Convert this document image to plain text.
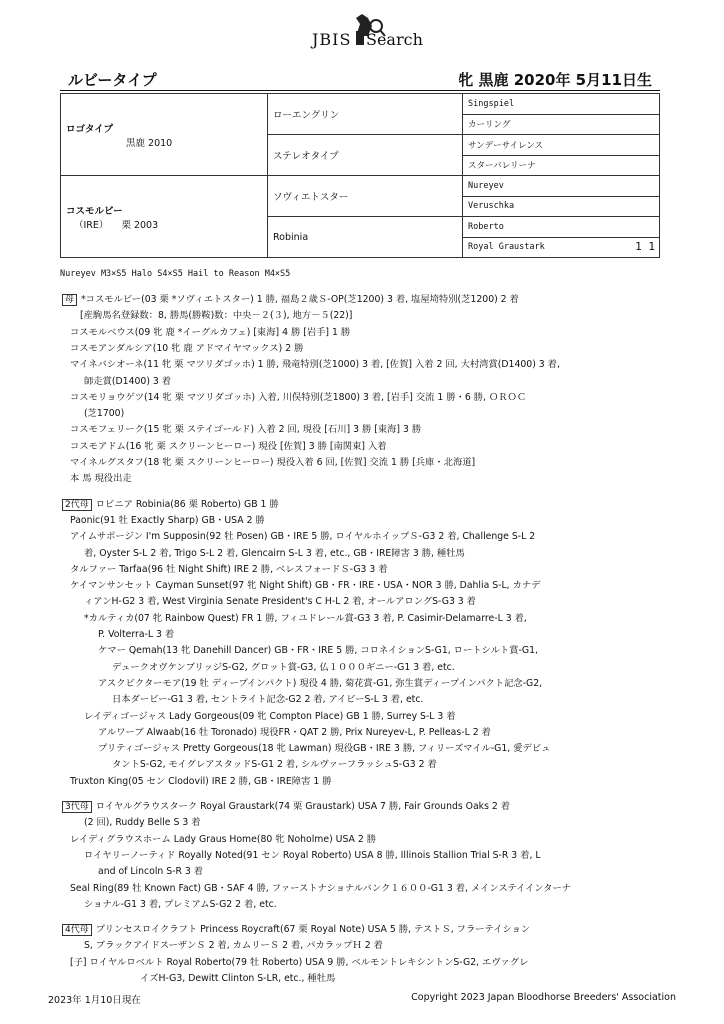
JBIS Search
ルビータイプ	牝 黒鹿 2020年 5月11日生
ロゴタイプ
黒鹿 2010	ローエングリン	Singspiel
		カーリング
	ステレオタイプ	サンデーサイレンス
		スターバレリーナ

コスモルビー
（IRE） 栗 2003	ソヴィエトスター	Nureyev
		Veruschka
	Robinia	Roberto
		Royal Graustark 1 1
Nureyev M3×S5 Halo S4×S5 Hail to Reason M4×S5
母 *コスモルビー(03 栗 *ソヴィエトスター) 1 勝, 福島２歳Ｓ-OP(芝1200) 3 着, 塩屋埼特別(芝1200) 2 着
[産駒馬名登録数：8, 勝馬(勝鞍)数：中央－２(３), 地方－５(22)]
コスモルベウス(09 牝 鹿 *イーグルカフェ) [東海] 4 勝 [岩手] 1 勝
コスモアンダルシア(10 牝 鹿 アドマイヤマックス) 2 勝
マイネバシオーネ(11 牝 栗 マツリダゴッホ) 1 勝, 飛竜特別(芝1000) 3 着, [佐賀] 入着 2 回, 大村湾賞(D1400) 3 着,
師走賞(D1400) 3 着
コスモリョウゲツ(14 牝 栗 マツリダゴッホ) 入着, 川俣特別(芝1800) 3 着, [岩手] 交流 1 勝・6 勝, ＯＲＯＣ
(芝1700)
コスモフェリーク(15 牝 栗 ステイゴールド) 入着 2 回, 現役 [石川] 3 勝 [東海] 3 勝
コスモアドム(16 牝 栗 スクリーンヒーロー) 現役 [佐賀] 3 勝 [南関東] 入着
マイネルグスタフ(18 牝 栗 スクリーンヒーロー) 現役入着 6 回, [佐賀] 交流 1 勝 [兵庫・北海道]
本 馬 現役出走
2代母 ロビニア Robinia(86 栗 Roberto) GB 1 勝
Paonic(91 牡 Exactly Sharp) GB・USA 2 勝
アイムサポージン I'm Supposin(92 牡 Posen) GB・IRE 5 勝, ロイヤルホイップＳ-G3 2 着, Challenge S-L 2
着, Oyster S-L 2 着, Trigo S-L 2 着, Glencairn S-L 3 着, etc., GB・IRE障害 3 勝, 種牡馬
タルファー Tarfaa(96 牡 Night Shift) IRE 2 勝, ベレスフォードＳ-G3 3 着
ケイマンサンセット Cayman Sunset(97 牝 Night Shift) GB・FR・IRE・USA・NOR 3 勝, Dahlia S-L, カナデ
ィアンH-G2 3 着, West Virginia Senate President's C H-L 2 着, オールアロングS-G3 3 着
*カルティカ(07 牝 Rainbow Quest) FR 1 勝, フィユドレール賞-G3 3 着, P. Casimir-Delamarre-L 3 着,
P. Volterra-L 3 着
ケマー Qemah(13 牝 Danehill Dancer) GB・FR・IRE 5 勝, コロネイションS-G1, ロートシルト賞-G1,
デュークオヴケンブリッジS-G2, グロット賞-G3, 仏１０００ギニー-G1 3 着, etc.
アスクビクターモア(19 牡 ディープインパクト) 現役 4 勝, 菊花賞-G1, 弥生賞ディープインパクト記念-G2,
日本ダービー-G1 3 着, セントライト記念-G2 2 着, アイビーS-L 3 着, etc.
レイディゴージャス Lady Gorgeous(09 牝 Compton Place) GB 1 勝, Surrey S-L 3 着
アルワーブ Alwaab(16 牡 Toronado) 現役FR・QAT 2 勝, Prix Nureyev-L, P. Pelleas-L 2 着
プリティゴージャス Pretty Gorgeous(18 牝 Lawman) 現役GB・IRE 3 勝, フィリーズマイル-G1, 愛デビュ
タントS-G2, モイグレアスタッドS-G1 2 着, シルヴァーフラッシュS-G3 2 着
Truxton King(05 セン Clodovil) IRE 2 勝, GB・IRE障害 1 勝
3代母 ロイヤルグラウスターク Royal Graustark(74 栗 Graustark) USA 7 勝, Fair Grounds Oaks 2 着
(2 回), Ruddy Belle S 3 着
レイディグラウスホーム Lady Graus Home(80 牝 Noholme) USA 2 勝
ロイヤリーノーティド Royally Noted(91 セン Royal Roberto) USA 8 勝, Illinois Stallion Trial S-R 3 着, L
and of Lincoln S-R 3 着
Seal Ring(89 牡 Known Fact) GB・SAF 4 勝, ファーストナショナルバンク１６００-G1 3 着, メインステイインターナ
ショナル-G1 3 着, プレミアムS-G2 2 着, etc.
4代母 プリンセスロイクラフト Princess Roycraft(67 栗 Royal Note) USA 5 勝, テストＳ, フラーテイション
S, ブラックアイドスーザンＳ 2 着, カムリーＳ 2 着, パカラップＨ 2 着
[子] ロイヤルロベルト Royal Roberto(79 牡 Roberto) USA 9 勝, ベルモントレキシントンS-G2, エヴァグレ
イズH-G3, Dewitt Clinton S-LR, etc., 種牡馬
2023年 1月10日現在	Copyright 2023 Japan Bloodhorse Breeders' Association
